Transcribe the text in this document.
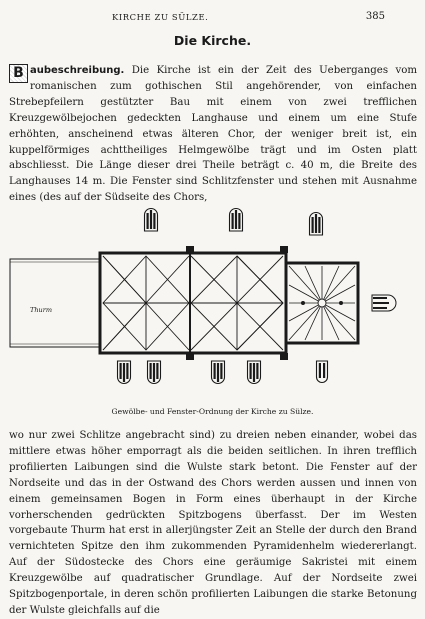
KIRCHE ZU SÜLZE.	385
Die Kirche.

B aubeschreibung. Die Kirche ist ein der Zeit des Ueberganges vom romanischen zum gothischen Stil angehörender, von einfachen Strebepfeilern gestützter Bau mit einem von zwei trefflichen Kreuzgewölbejochen gedeckten Langhause und einem um eine Stufe erhöhten, anscheinend etwas älteren Chor, der weniger breit ist, ein kuppelförmiges achttheiliges Helmgewölbe trägt und im Osten platt abschliesst. Die Länge dieser drei Theile beträgt c. 40 m, die Breite des Langhauses 14 m. Die Fenster sind Schlitzfenster und stehen mit Ausnahme eines (des auf der Südseite des Chors,

Thurm

Gewölbe- und Fenster-Ordnung der Kirche zu Sülze.

wo nur zwei Schlitze angebracht sind) zu dreien neben einander, wobei das mittlere etwas höher emporragt als die beiden seitlichen. In ihren trefflich profilierten Laibungen sind die Wulste stark betont. Die Fenster auf der Nordseite und das in der Ostwand des Chors werden aussen und innen von einem gemeinsamen Bogen in Form eines überhaupt in der Kirche vorherschenden gedrückten Spitzbogens überfasst. Der im Westen vorgebaute Thurm hat erst in allerjüngster Zeit an Stelle der durch den Brand vernichteten Spitze den ihm zukommenden Pyramidenhelm wiedererlangt. Auf der Südostecke des Chors eine geräumige Sakristei mit einem Kreuzgewölbe auf quadratischer Grundlage. Auf der Nordseite zwei Spitzbogenportale, in deren schön profilierten Laibungen die starke Betonung der Wulste gleichfalls auf die
